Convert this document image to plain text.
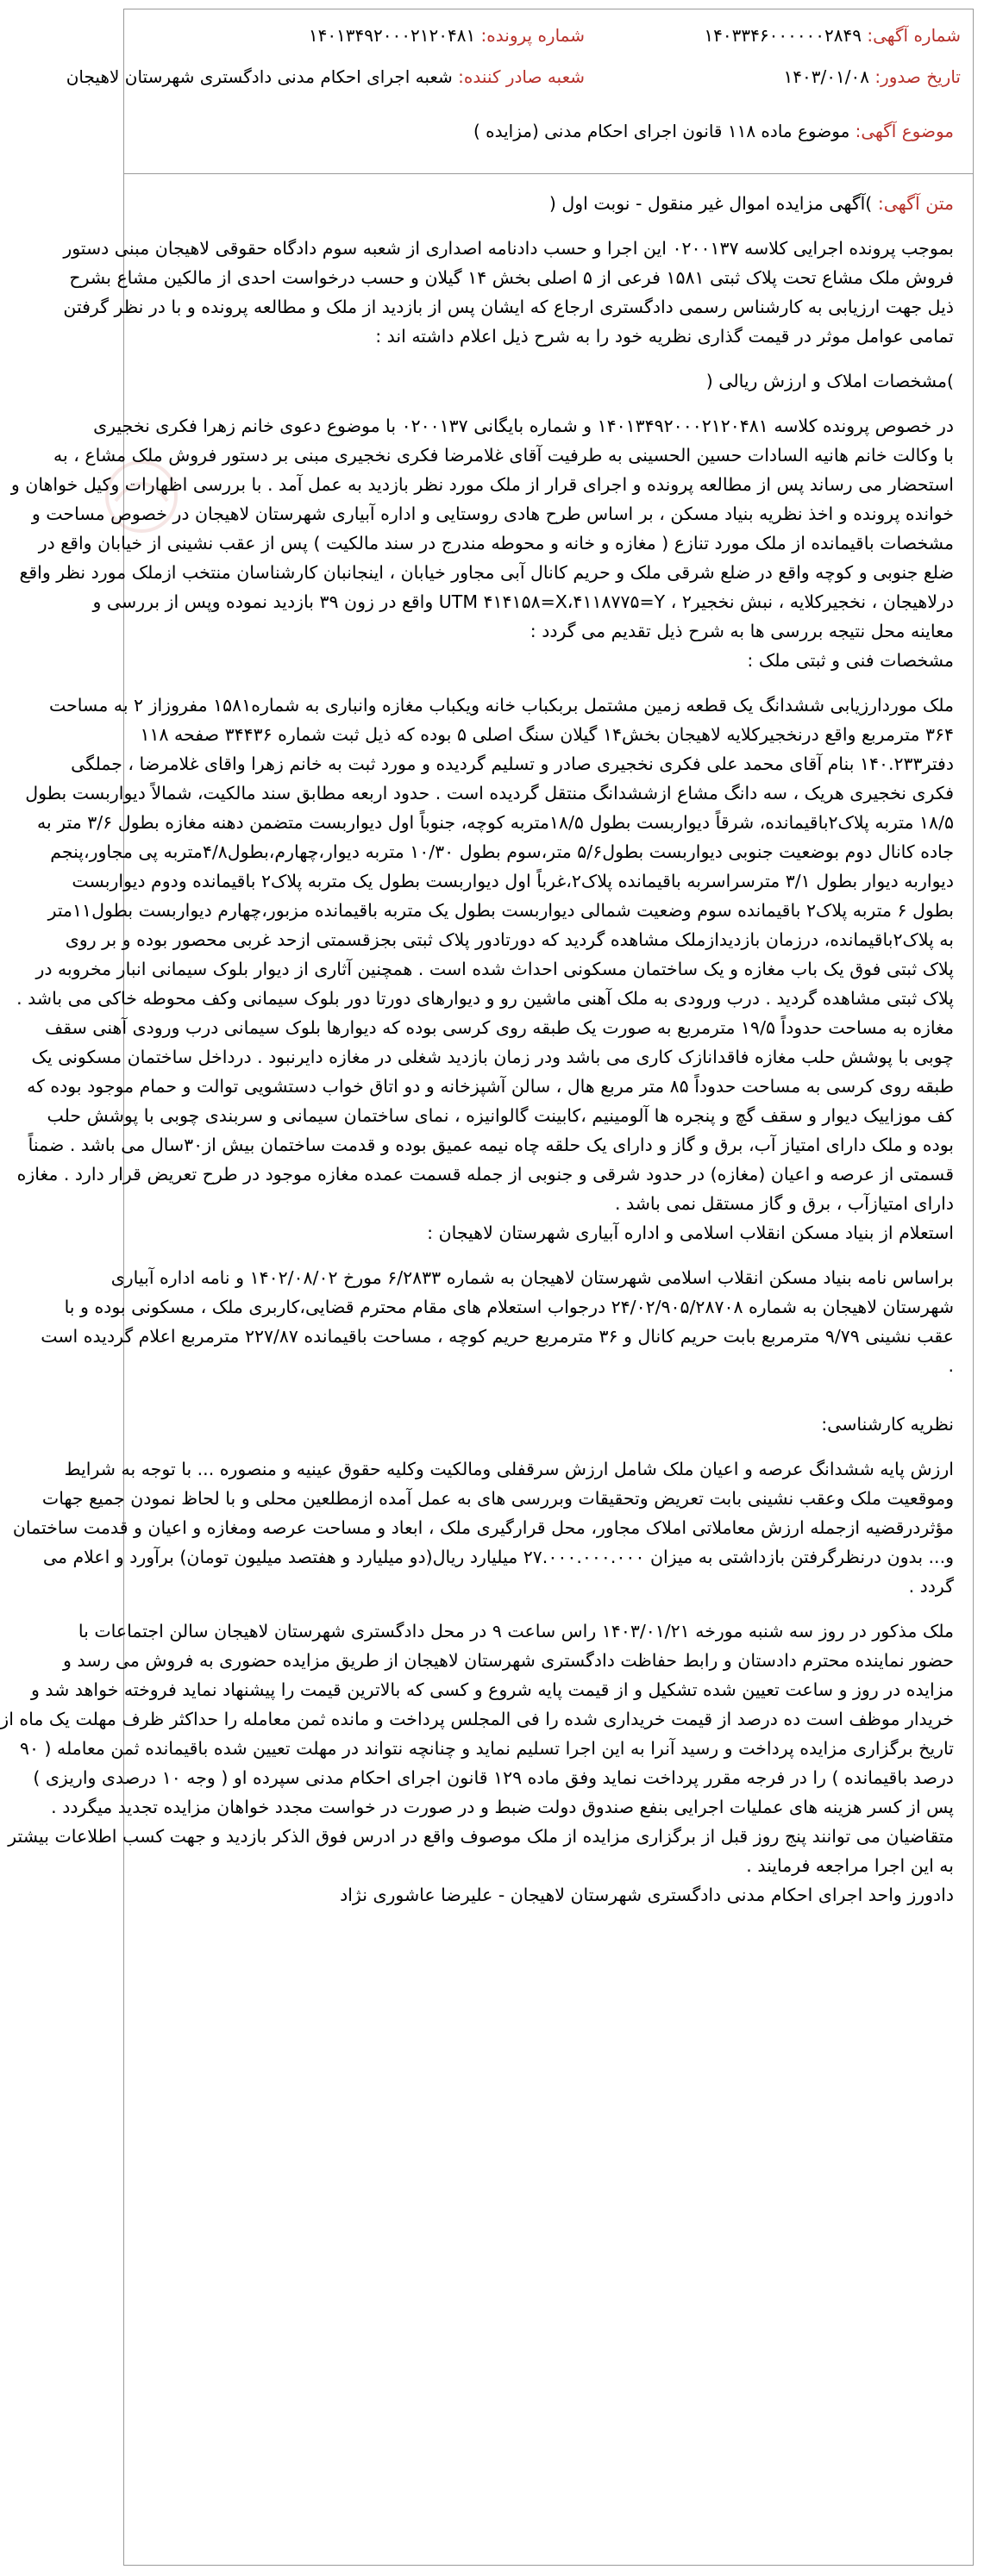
شماره آگهی: ۱۴۰۳۳۴۶۰۰۰۰۰۰۲۸۴۹
شماره پرونده: ۱۴۰۱۳۴۹۲۰۰۰۲۱۲۰۴۸۱
تاریخ صدور: ۱۴۰۳/۰۱/۰۸
شعبه صادر کننده: شعبه اجرای احکام مدنی دادگستری شهرستان لاهیجان
موضوع آگهی: موضوع ماده ۱۱۸ قانون اجرای احکام مدنی (مزایده )
متن آگهی: )آگهی مزایده اموال غیر منقول - نوبت اول (
بموجب پرونده اجرایی کلاسه ۰۲۰۰۱۳۷ این اجرا و حسب دادنامه اصداری از شعبه سوم دادگاه حقوقی لاهیجان مبنی دستور
فروش ملک مشاع تحت پلاک ثبتی ۱۵۸۱ فرعی از ۵ اصلی بخش ۱۴ گیلان و حسب درخواست احدی از مالکین مشاع بشرح
ذیل جهت ارزیابی به کارشناس رسمی دادگستری ارجاع که ایشان پس از بازدید از ملک و مطالعه پرونده و با در نظر گرفتن
تمامی عوامل موثر در قیمت گذاری نظریه خود را به شرح ذیل اعلام داشته اند :
)مشخصات املاک و ارزش ریالی (
در خصوص پرونده کلاسه ۱۴۰۱۳۴۹۲۰۰۰۲۱۲۰۴۸۱ و شماره بایگانی ۰۲۰۰۱۳۷ با موضوع دعوی خانم زهرا فکری نخجیری
با وکالت خانم هانیه السادات حسین الحسینی به طرفیت آقای غلامرضا فکری نخجیری مبنی بر دستور فروش ملک مشاع ، به
استحضار می رساند پس از مطالعه پرونده و اجرای قرار از ملک مورد نظر بازدید به عمل آمد . با بررسی اظهارات وکیل خواهان و
خوانده پرونده و اخذ نظریه بنیاد مسکن ، بر اساس طرح هادی روستایی و اداره آبیاری شهرستان لاهیجان در خصوص مساحت و
مشخصات باقیمانده از ملک مورد تنازع ( مغازه و خانه و محوطه مندرج در سند مالکیت ) پس از عقب نشینی از خیابان واقع در
ضلع جنوبی و کوچه واقع در ضلع شرقی ملک و حریم کانال آبی مجاور خیابان ، اینجانبان کارشناسان منتخب ازملک مورد نظر واقع
درلاهیجان ، نخجیرکلایه ، نبش نخجیر۲ ، UTM ۴۱۴۱۵۸=X،۴۱۱۸۷۷۵=Y واقع در زون ۳۹ بازدید نموده وپس از بررسی و
معاینه محل نتیجه بررسی ها به شرح ذیل تقدیم می گردد :
مشخصات فنی و ثبتی ملک :
ملک موردارزیابی ششدانگ یک قطعه زمین مشتمل بربکباب خانه ویکباب مغازه وانباری به شماره۱۵۸۱ مفروزاز ۲ به مساحت
۳۶۴ مترمربع واقع درنخجیرکلایه لاهیجان بخش۱۴ گیلان سنگ اصلی ۵ بوده که ذیل ثبت شماره ۳۴۴۳۶ صفحه ۱۱۸
دفتر۱۴۰.۲۳۳ بنام آقای محمد علی فکری نخجیری صادر و تسلیم گردیده و مورد ثبت به خانم زهرا واقای غلامرضا ، جملگی
فکری نخجیری هریک ، سه دانگ مشاع ازششدانگ منتقل گردیده است . حدود اربعه مطابق سند مالکیت، شمالاً دیواربست بطول
۱۸/۵ متربه پلاک۲باقیمانده، شرقاً دیواربست بطول ۱۸/۵متربه کوچه، جنوباً اول دیواربست متضمن دهنه مغازه بطول ۳/۶ متر به
جاده کانال دوم بوضعیت جنوبی دیواربست بطول۵/۶ متر،سوم بطول ۱۰/۳۰ متربه دیوار،چهارم،بطول۴/۸متربه پی مجاور،پنجم
دیواربه دیوار بطول ۳/۱ مترسراسربه باقیمانده پلاک۲،غرباً اول دیواربست بطول یک متربه پلاک۲ باقیمانده ودوم دیواربست
بطول ۶ متربه پلاک۲ باقیمانده سوم وضعیت شمالی دیواربست بطول یک متربه باقیمانده مزبور،چهارم دیواربست بطول۱۱متر
به پلاک۲باقیمانده، درزمان بازدیدازملک مشاهده گردید که دورتادور پلاک ثبتی بجزقسمتی ازحد غربی محصور بوده و بر روی
پلاک ثبتی فوق یک باب مغازه و یک ساختمان مسکونی احداث شده است . همچنین آثاری از دیوار بلوک سیمانی انبار مخروبه در
پلاک ثبتی مشاهده گردید . درب ورودی به ملک آهنی ماشین رو و دیوارهای دورتا دور بلوک سیمانی وکف محوطه خاکی می باشد .
مغازه به مساحت حدوداً ۱۹/۵ مترمربع به صورت یک طبقه روی کرسی بوده که دیوارها بلوک سیمانی درب ورودی آهنی سقف
چوبی با پوشش حلب مغازه فاقدانازک کاری می باشد ودر زمان بازدید شغلی در مغازه دایرنبود . درداخل ساختمان مسکونی یک
طبقه روی کرسی به مساحت حدوداً ۸۵ متر مربع هال ، سالن آشپزخانه و دو اتاق خواب دستشویی توالت و حمام موجود بوده که
کف موزاییک دیوار و سقف گچ و پنجره ها آلومینیم ،کابینت گالوانیزه ، نمای ساختمان سیمانی و سربندی چوبی با پوشش حلب
بوده و ملک دارای امتیاز آب، برق و گاز و دارای یک حلقه چاه نیمه عمیق بوده و قدمت ساختمان بیش از۳۰سال می باشد . ضمناً
قسمتی از عرصه و اعیان (مغازه) در حدود شرقی و جنوبی از جمله قسمت عمده مغازه موجود در طرح تعریض قرار دارد . مغازه
دارای امتیازآب ، برق و گاز مستقل نمی باشد .
استعلام از بنیاد مسکن انقلاب اسلامی و اداره آبیاری شهرستان لاهیجان :
براساس نامه بنیاد مسکن انقلاب اسلامی شهرستان لاهیجان به شماره ۶/۲۸۳۳ مورخ ۱۴۰۲/۰۸/۰۲ و نامه اداره آبیاری
شهرستان لاهیجان به شماره ۲۴/۰۲/۹۰۵/۲۸۷۰۸ درجواب استعلام های مقام محترم قضایی،کاربری ملک ، مسکونی بوده و با
عقب نشینی ۹/۷۹ مترمربع بابت حریم کانال و ۳۶ مترمربع حریم کوچه ، مساحت باقیمانده ۲۲۷/۸۷ مترمربع اعلام گردیده است
.
نظریه کارشناسی:
ارزش پایه ششدانگ عرصه و اعیان ملک شامل ارزش سرقفلی ومالکیت وکلیه حقوق عینیه و منصوره ... با توجه به شرایط
وموقعیت ملک وعقب نشینی بابت تعریض وتحقیقات وبررسی های به عمل آمده ازمطلعین محلی و با لحاظ نمودن جمیع جهات
مؤثردرقضیه ازجمله ارزش معاملاتی املاک مجاور، محل قرارگیری ملک ، ابعاد و مساحت عرصه ومغازه و اعیان و قدمت ساختمان
و... بدون درنظرگرفتن بازداشتی به میزان ۲۷.۰۰۰.۰۰۰.۰۰۰ میلیارد ریال(دو میلیارد و هفتصد میلیون تومان) برآورد و اعلام می
گردد .
ملک مذکور در روز سه شنبه مورخه ۱۴۰۳/۰۱/۲۱ راس ساعت ۹ در محل دادگستری شهرستان لاهیجان سالن اجتماعات با
حضور نماینده محترم دادستان و رابط حفاظت دادگستری شهرستان لاهیجان از طریق مزایده حضوری به فروش می رسد و
مزایده در روز و ساعت تعیین شده تشکیل و از قیمت پایه شروع و کسی که بالاترین قیمت را پیشنهاد نماید فروخته خواهد شد و
خریدار موظف است ده درصد از قیمت خریداری شده را فی المجلس پرداخت و مانده ثمن معامله را حداکثر ظرف مهلت یک ماه از
تاریخ برگزاری مزایده پرداخت و رسید آنرا به این اجرا تسلیم نماید و چنانچه نتواند در مهلت تعیین شده باقیمانده ثمن معامله ( ۹۰
درصد باقیمانده ) را در فرجه مقرر پرداخت نماید وفق ماده ۱۲۹ قانون اجرای احکام مدنی سپرده او ( وجه ۱۰ درصدی واریزی )
پس از کسر هزینه های عملیات اجرایی بنفع صندوق دولت ضبط و در صورت در خواست مجدد خواهان مزایده تجدید میگردد .
متقاضیان می توانند پنج روز قبل از برگزاری مزایده از ملک موصوف واقع در ادرس فوق الذکر بازدید و جهت کسب اطلاعات بیشتر
به این اجرا مراجعه فرمایند .
دادورز واحد اجرای احکام مدنی دادگستری شهرستان لاهیجان - علیرضا عاشوری نژاد
